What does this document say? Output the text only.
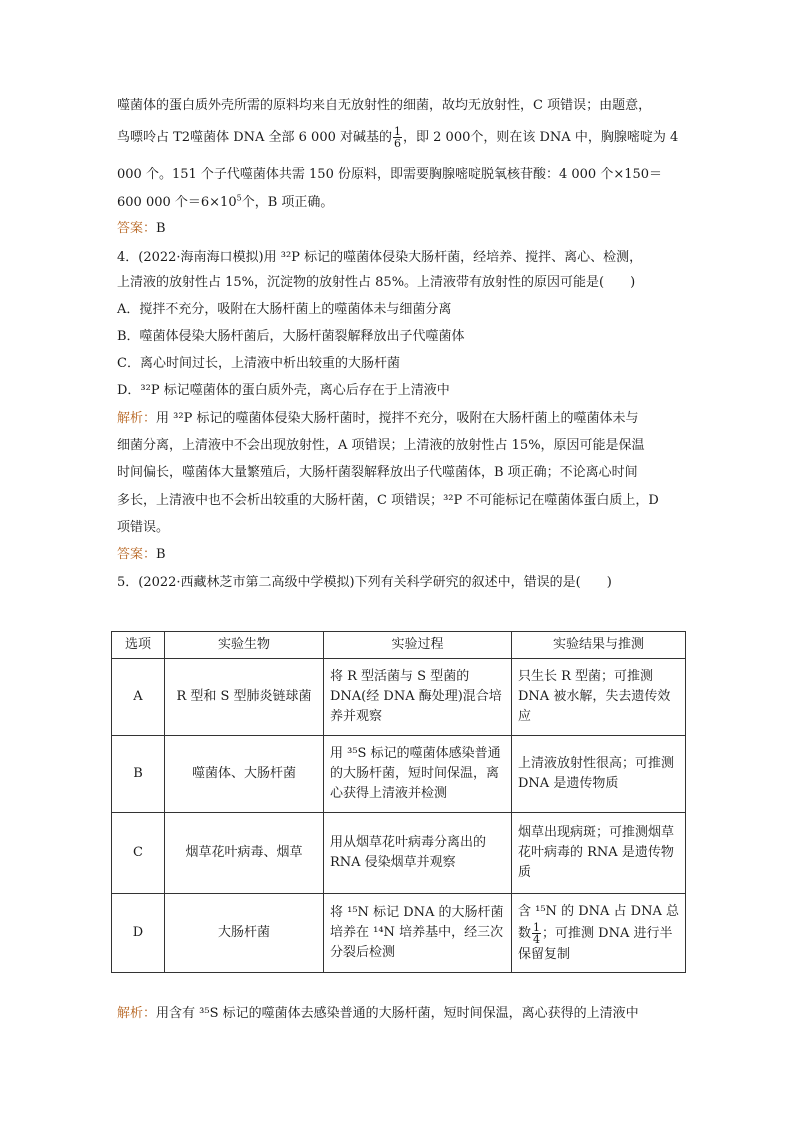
噬菌体的蛋白质外壳所需的原料均来自无放射性的细菌，故均无放射性，C 项错误；由题意，
鸟嘌呤占 T2噬菌体 DNA 全部 6 000 对碱基的 $\frac{1}{6}$ ，即 2 000个，则在该 DNA 中，胸腺嘧啶为 4
000 个。151 个子代噬菌体共需 150 份原料，即需要胸腺嘧啶脱氧核苷酸：4 000 个×150＝
600 000 个$=6\times 10^5$个，B 项正确。
答案：B
4．(2022·海南海口模拟)用 ³²P 标记的噬菌体侵染大肠杆菌，经培养、搅拌、离心、检测，
上清液的放射性占 15%，沉淀物的放射性占 85%。上清液带有放射性的原因可能是(　　)
A．搅拌不充分，吸附在大肠杆菌上的噬菌体未与细菌分离
B．噬菌体侵染大肠杆菌后，大肠杆菌裂解释放出子代噬菌体
C．离心时间过长，上清液中析出较重的大肠杆菌
D．³²P 标记噬菌体的蛋白质外壳，离心后存在于上清液中
解析：用 ³²P 标记的噬菌体侵染大肠杆菌时，搅拌不充分，吸附在大肠杆菌上的噬菌体未与
细菌分离，上清液中不会出现放射性，A 项错误；上清液的放射性占 15%，原因可能是保温
时间偏长，噬菌体大量繁殖后，大肠杆菌裂解释放出子代噬菌体，B 项正确；不论离心时间
多长，上清液中也不会析出较重的大肠杆菌，C 项错误；³²P 不可能标记在噬菌体蛋白质上，D
项错误。
答案：B
5．(2022·西藏林芝市第二高级中学模拟)下列有关科学研究的叙述中，错误的是(　　)
选项	实验生物	实验过程	实验结果与推测
A	R 型和 S 型肺炎链球菌	将 R 型活菌与 S 型菌的 DNA(经 DNA 酶处理)混合培养并观察	只生长 R 型菌；可推测 DNA 被水解，失去遗传效应
B	噬菌体、大肠杆菌	用 ³⁵S 标记的噬菌体感染普通的大肠杆菌，短时间保温，离心获得上清液并检测	上清液放射性很高；可推测 DNA 是遗传物质
C	烟草花叶病毒、烟草	用从烟草花叶病毒分离出的 RNA 侵染烟草并观察	烟草出现病斑；可推测烟草花叶病毒的 RNA 是遗传物质
D	大肠杆菌	将 ¹⁵N 标记 DNA 的大肠杆菌培养在 ¹⁴N 培养基中，经三次分裂后检测	含 ¹⁵N 的 DNA 占 DNA 总数 $\frac{1}{4}$ ；可推测 DNA 进行半保留复制
解析：用含有 ³⁵S 标记的噬菌体去感染普通的大肠杆菌，短时间保温，离心获得的上清液中
